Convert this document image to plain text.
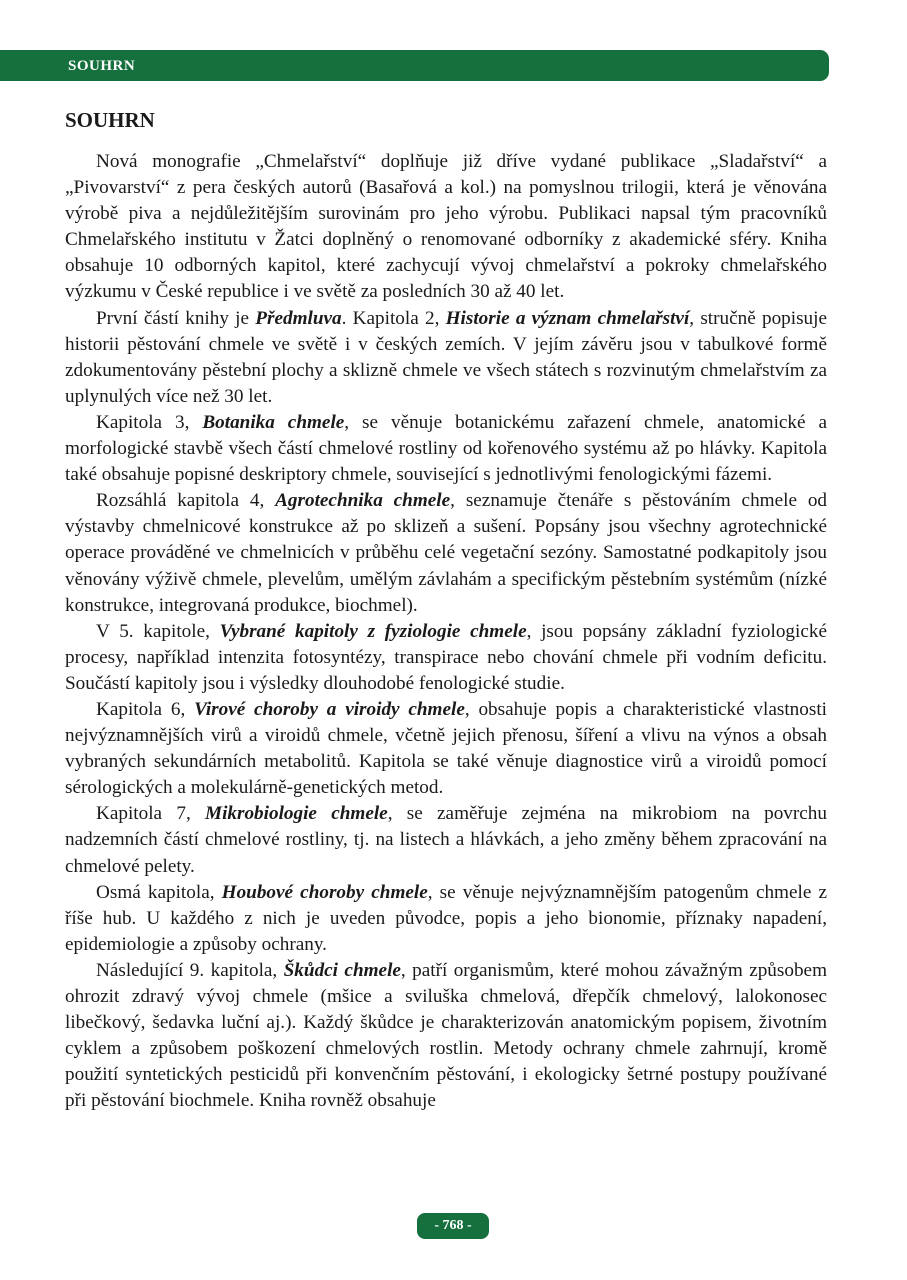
SOUHRN
SOUHRN

Nová monografie „Chmelařství“ doplňuje již dříve vydané publikace „Sladařství“ a „Pivovarství“ z pera českých autorů (Basařová a kol.) na pomyslnou trilogii, která je věnována výrobě piva a nejdůležitějším surovinám pro jeho výrobu. Publikaci napsal tým pracovníků Chmelařského institutu v Žatci doplněný o renomované odborníky z akademické sféry. Kniha obsahuje 10 odborných kapitol, které zachycují vývoj chmelařství a pokroky chmelařského výzkumu v České republice i ve světě za posledních 30 až 40 let.

První částí knihy je Předmluva. Kapitola 2, Historie a význam chmelařství, stručně popisuje historii pěstování chmele ve světě i v českých zemích. V jejím závěru jsou v tabulkové formě zdokumentovány pěstební plochy a sklizně chmele ve všech státech s rozvinutým chmelařstvím za uplynulých více než 30 let.

Kapitola 3, Botanika chmele, se věnuje botanickému zařazení chmele, anatomické a morfologické stavbě všech částí chmelové rostliny od kořenového systému až po hlávky. Kapitola také obsahuje popisné deskriptory chmele, související s jednotlivými fenologickými fázemi.

Rozsáhlá kapitola 4, Agrotechnika chmele, seznamuje čtenáře s pěstováním chmele od výstavby chmelnicové konstrukce až po sklizeň a sušení. Popsány jsou všechny agrotechnické operace prováděné ve chmelnicích v průběhu celé vegetační sezóny. Samostatné podkapitoly jsou věnovány výživě chmele, plevelům, umělým závlahám a specifickým pěstebním systémům (nízké konstrukce, integrovaná produkce, biochmel).

V 5. kapitole, Vybrané kapitoly z fyziologie chmele, jsou popsány základní fyziologické procesy, například intenzita fotosyntézy, transpirace nebo chování chmele při vodním deficitu. Součástí kapitoly jsou i výsledky dlouhodobé fenologické studie.

Kapitola 6, Virové choroby a viroidy chmele, obsahuje popis a charakteristické vlastnosti nejvýznamnějších virů a viroidů chmele, včetně jejich přenosu, šíření a vlivu na výnos a obsah vybraných sekundárních metabolitů. Kapitola se také věnuje diagnostice virů a viroidů pomocí sérologických a molekulárně-genetických metod.

Kapitola 7, Mikrobiologie chmele, se zaměřuje zejména na mikrobiom na povrchu nadzemních částí chmelové rostliny, tj. na listech a hlávkách, a jeho změny během zpracování na chmelové pelety.

Osmá kapitola, Houbové choroby chmele, se věnuje nejvýznamnějším patogenům chmele z říše hub. U každého z nich je uveden původce, popis a jeho bionomie, příznaky napadení, epidemiologie a způsoby ochrany.

Následující 9. kapitola, Škůdci chmele, patří organismům, které mohou závažným způsobem ohrozit zdravý vývoj chmele (mšice a sviluška chmelová, dřepčík chmelový, lalokonosec libečkový, šedavka luční aj.). Každý škůdce je charakterizován anatomickým popisem, životním cyklem a způsobem poškození chmelových rostlin. Metody ochrany chmele zahrnují, kromě použití syntetických pesticidů při konvenčním pěstování, i ekologicky šetrné postupy používané při pěstování biochmele. Kniha rovněž obsahuje

- 768 -
